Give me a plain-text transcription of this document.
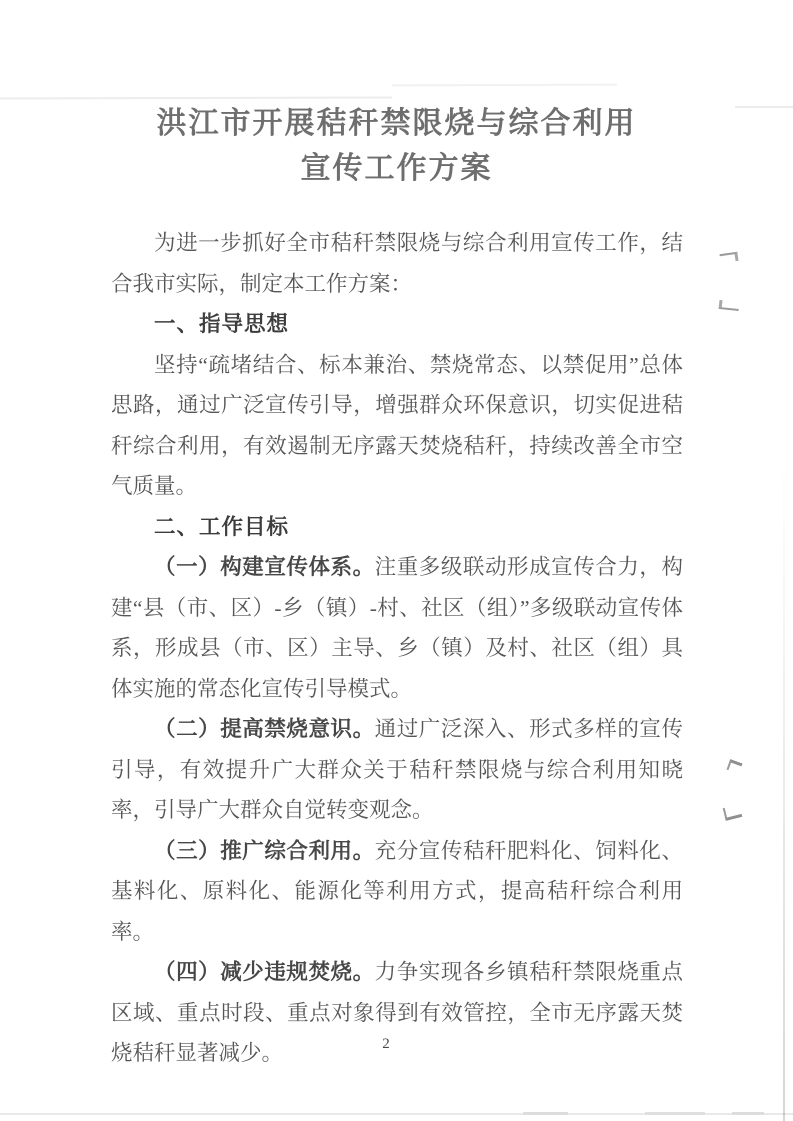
洪江市开展秸秆禁限烧与综合利用
宣传工作方案

为进一步抓好全市秸秆禁限烧与综合利用宣传工作，结合我市实际，制定本工作方案：

一、指导思想

坚持“疏堵结合、标本兼治、禁烧常态、以禁促用”总体思路，通过广泛宣传引导，增强群众环保意识，切实促进秸秆综合利用，有效遏制无序露天焚烧秸秆，持续改善全市空气质量。

二、工作目标

（一）构建宣传体系。注重多级联动形成宣传合力，构建“县（市、区）-乡（镇）-村、社区（组）”多级联动宣传体系，形成县（市、区）主导、乡（镇）及村、社区（组）具体实施的常态化宣传引导模式。

（二）提高禁烧意识。通过广泛深入、形式多样的宣传引导，有效提升广大群众关于秸秆禁限烧与综合利用知晓率，引导广大群众自觉转变观念。

（三）推广综合利用。充分宣传秸秆肥料化、饲料化、基料化、原料化、能源化等利用方式，提高秸秆综合利用率。

（四）减少违规焚烧。力争实现各乡镇秸秆禁限烧重点区域、重点时段、重点对象得到有效管控，全市无序露天焚烧秸秆显著减少。	2
